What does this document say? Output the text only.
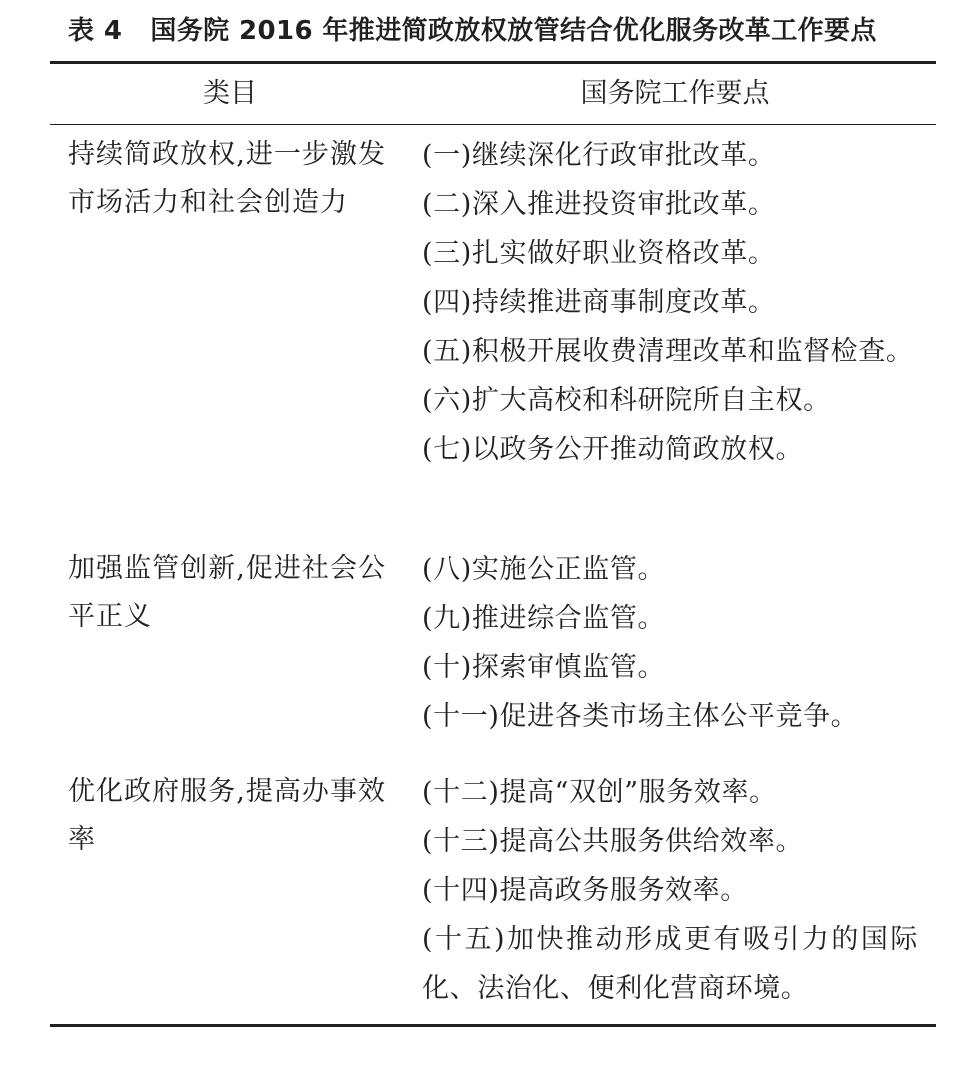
表 4 国务院 2016 年推进简政放权放管结合优化服务改革工作要点
类目	国务院工作要点
持续简政放权,进一步激发市场活力和社会创造力
(一)继续深化行政审批改革。
(二)深入推进投资审批改革。
(三)扎实做好职业资格改革。
(四)持续推进商事制度改革。
(五)积极开展收费清理改革和监督检查。
(六)扩大高校和科研院所自主权。
(七)以政务公开推动简政放权。
加强监管创新,促进社会公平正义
(八)实施公正监管。
(九)推进综合监管。
(十)探索审慎监管。
(十一)促进各类市场主体公平竞争。
优化政府服务,提高办事效率
(十二)提高“双创”服务效率。
(十三)提高公共服务供给效率。
(十四)提高政务服务效率。
(十五)加快推动形成更有吸引力的国际化、法治化、便利化营商环境。
